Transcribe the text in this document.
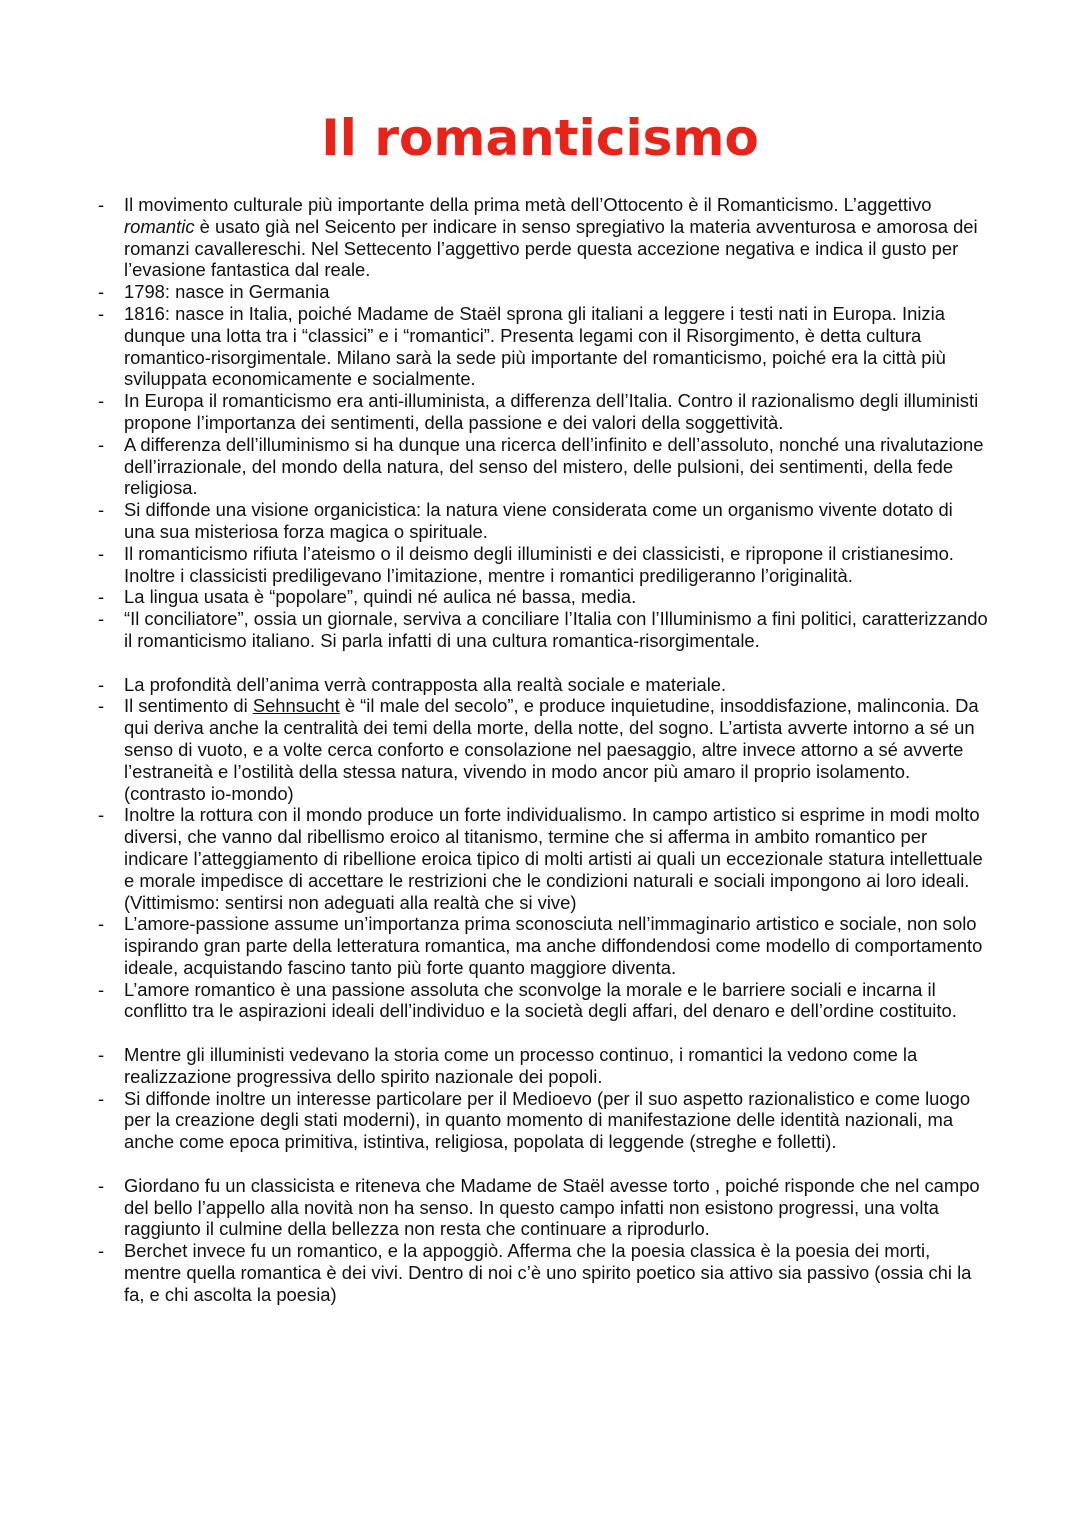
Il romanticismo
- Il movimento culturale più importante della prima metà dell’Ottocento è il Romanticismo. L’aggettivo romantic è usato già nel Seicento per indicare in senso spregiativo la materia avventurosa e amorosa dei romanzi cavallereschi. Nel Settecento l’aggettivo perde questa accezione negativa e indica il gusto per l’evasione fantastica dal reale.
- 1798: nasce in Germania
- 1816: nasce in Italia, poiché Madame de Staël sprona gli italiani a leggere i testi nati in Europa. Inizia dunque una lotta tra i “classici” e i “romantici”. Presenta legami con il Risorgimento, è detta cultura romantico-risorgimentale. Milano sarà la sede più importante del romanticismo, poiché era la città più sviluppata economicamente e socialmente.
- In Europa il romanticismo era anti-illuminista, a differenza dell’Italia. Contro il razionalismo degli illuministi propone l’importanza dei sentimenti, della passione e dei valori della soggettività.
- A differenza dell’illuminismo si ha dunque una ricerca dell’infinito e dell’assoluto, nonché una rivalutazione dell’irrazionale, del mondo della natura, del senso del mistero, delle pulsioni, dei sentimenti, della fede religiosa.
- Si diffonde una visione organicistica: la natura viene considerata come un organismo vivente dotato di una sua misteriosa forza magica o spirituale.
- Il romanticismo rifiuta l’ateismo o il deismo degli illuministi e dei classicisti, e ripropone il cristianesimo. Inoltre i classicisti prediligevano l’imitazione, mentre i romantici prediligeranno l’originalità.
- La lingua usata è “popolare”, quindi né aulica né bassa, media.
- “Il conciliatore”, ossia un giornale, serviva a conciliare l’Italia con l’Illuminismo a fini politici, caratterizzando il romanticismo italiano. Si parla infatti di una cultura romantica-risorgimentale.
- La profondità dell’anima verrà contrapposta alla realtà sociale e materiale.
- Il sentimento di Sehnsucht è “il male del secolo”, e produce inquietudine, insoddisfazione, malinconia. Da qui deriva anche la centralità dei temi della morte, della notte, del sogno. L’artista avverte intorno a sé un senso di vuoto, e a volte cerca conforto e consolazione nel paesaggio, altre invece attorno a sé avverte l’estraneità e l’ostilità della stessa natura, vivendo in modo ancor più amaro il proprio isolamento. (contrasto io-mondo)
- Inoltre la rottura con il mondo produce un forte individualismo. In campo artistico si esprime in modi molto diversi, che vanno dal ribellismo eroico al titanismo, termine che si afferma in ambito romantico per indicare l’atteggiamento di ribellione eroica tipico di molti artisti ai quali un eccezionale statura intellettuale e morale impedisce di accettare le restrizioni che le condizioni naturali e sociali impongono ai loro ideali. (Vittimismo: sentirsi non adeguati alla realtà che si vive)
- L’amore-passione assume un’importanza prima sconosciuta nell’immaginario artistico e sociale, non solo ispirando gran parte della letteratura romantica, ma anche diffondendosi come modello di comportamento ideale, acquistando fascino tanto più forte quanto maggiore diventa.
- L’amore romantico è una passione assoluta che sconvolge la morale e le barriere sociali e incarna il conflitto tra le aspirazioni ideali dell’individuo e la società degli affari, del denaro e dell’ordine costituito.
- Mentre gli illuministi vedevano la storia come un processo continuo, i romantici la vedono come la realizzazione progressiva dello spirito nazionale dei popoli.
- Si diffonde inoltre un interesse particolare per il Medioevo (per il suo aspetto razionalistico e come luogo per la creazione degli stati moderni), in quanto momento di manifestazione delle identità nazionali, ma anche come epoca primitiva, istintiva, religiosa, popolata di leggende (streghe e folletti).
- Giordano fu un classicista e riteneva che Madame de Staël avesse torto , poiché risponde che nel campo del bello l’appello alla novità non ha senso. In questo campo infatti non esistono progressi, una volta raggiunto il culmine della bellezza non resta che continuare a riprodurlo.
- Berchet invece fu un romantico, e la appoggiò. Afferma che la poesia classica è la poesia dei morti, mentre quella romantica è dei vivi. Dentro di noi c’è uno spirito poetico sia attivo sia passivo (ossia chi la fa, e chi ascolta la poesia)
